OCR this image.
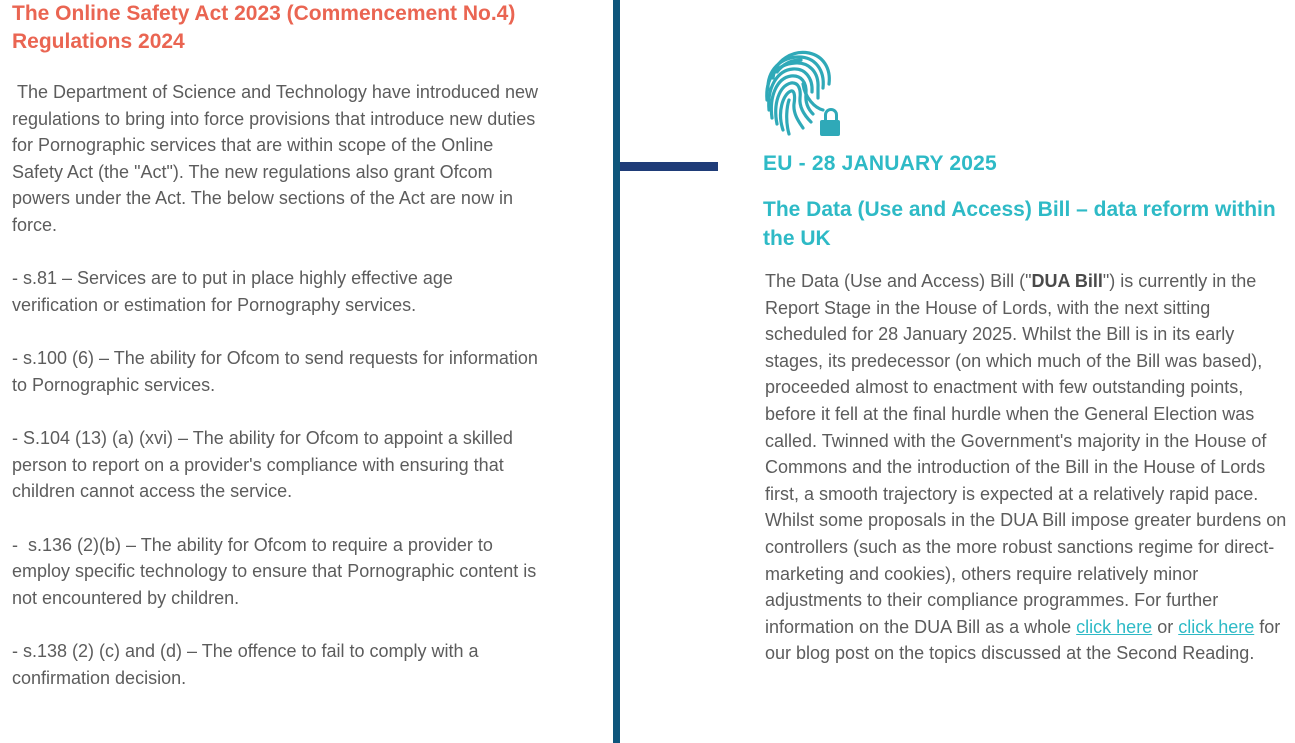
The Online Safety Act 2023 (Commencement No.4) Regulations 2024

The Department of Science and Technology have introduced new regulations to bring into force provisions that introduce new duties for Pornographic services that are within scope of the Online Safety Act (the "Act"). The new regulations also grant Ofcom powers under the Act. The below sections of the Act are now in force.

- s.81 – Services are to put in place highly effective age verification or estimation for Pornography services.

- s.100 (6) – The ability for Ofcom to send requests for information to Pornographic services.

- S.104 (13) (a) (xvi) – The ability for Ofcom to appoint a skilled person to report on a provider's compliance with ensuring that children cannot access the service.

-  s.136 (2)(b) – The ability for Ofcom to require a provider to employ specific technology to ensure that Pornographic content is not encountered by children.

- s.138 (2) (c) and (d) – The offence to fail to comply with a confirmation decision.

EU - 28 JANUARY 2025

The Data (Use and Access) Bill – data reform within the UK

The Data (Use and Access) Bill ("DUA Bill") is currently in the Report Stage in the House of Lords, with the next sitting scheduled for 28 January 2025. Whilst the Bill is in its early stages, its predecessor (on which much of the Bill was based), proceeded almost to enactment with few outstanding points, before it fell at the final hurdle when the General Election was called. Twinned with the Government's majority in the House of Commons and the introduction of the Bill in the House of Lords first, a smooth trajectory is expected at a relatively rapid pace. Whilst some proposals in the DUA Bill impose greater burdens on controllers (such as the more robust sanctions regime for direct-marketing and cookies), others require relatively minor adjustments to their compliance programmes. For further information on the DUA Bill as a whole click here or click here for our blog post on the topics discussed at the Second Reading.
